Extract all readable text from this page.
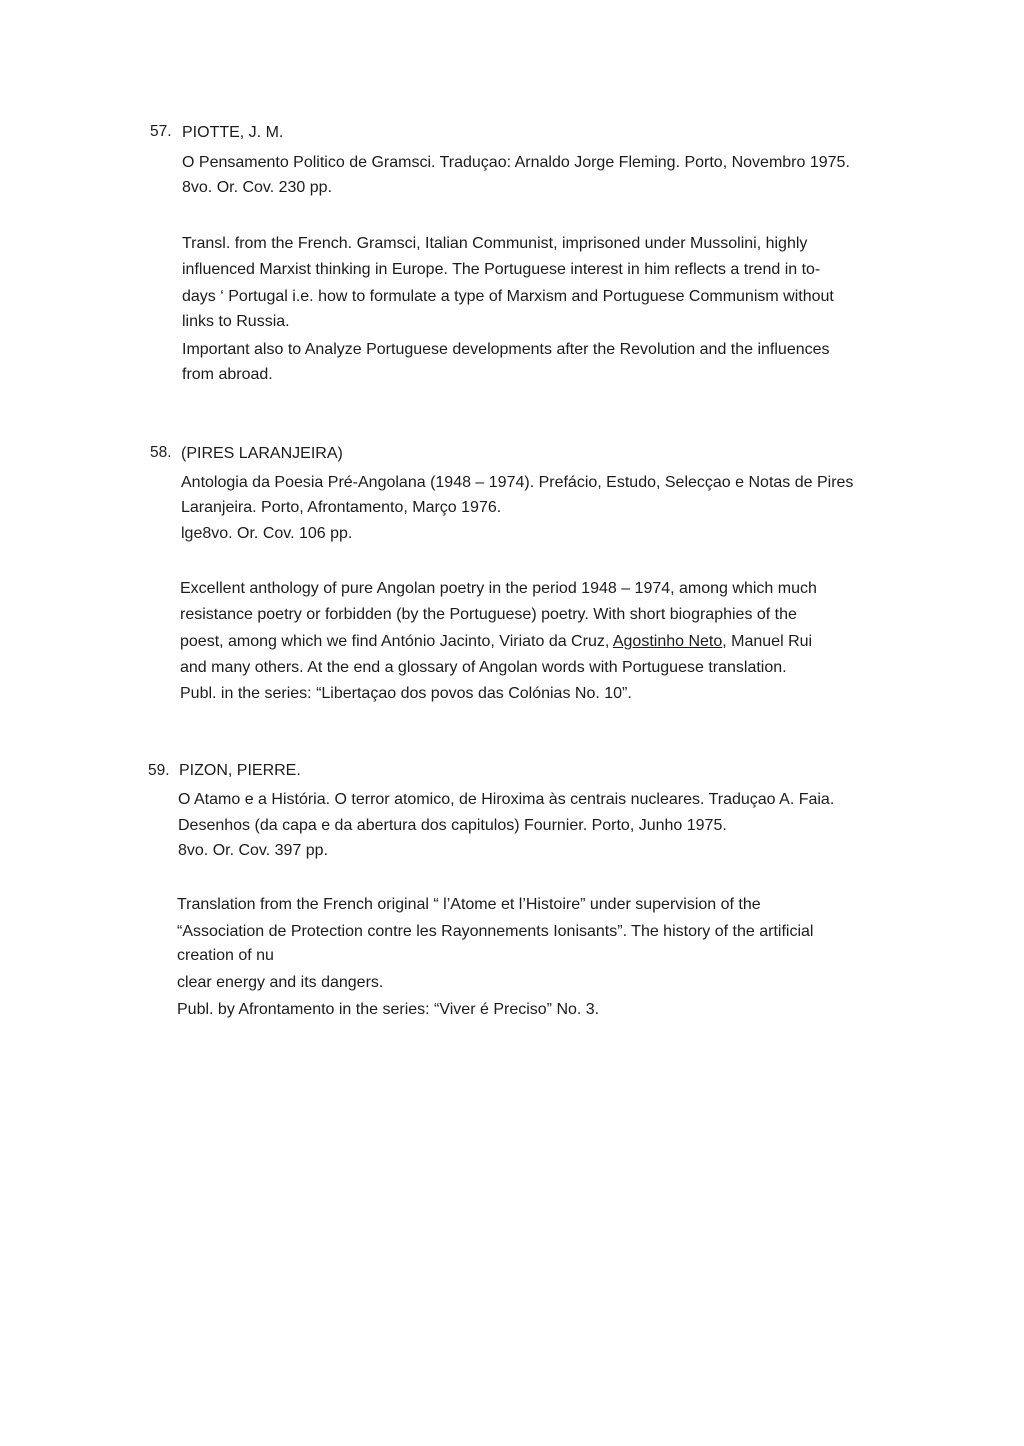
57. PIOTTE, J. M.
O Pensamento Politico de Gramsci. Traduçao: Arnaldo Jorge Fleming. Porto, Novembro 1975.
8vo. Or. Cov. 230 pp.
Transl. from the French. Gramsci, Italian Communist, imprisoned under Mussolini, highly
influenced Marxist thinking in Europe. The Portuguese interest in him reflects a trend in to-
days ‘ Portugal i.e. how to formulate a type of Marxism and Portuguese Communism without
links to Russia.
Important also to Analyze Portuguese developments after the Revolution and the influences
from abroad.
58. (PIRES LARANJEIRA)
Antologia da Poesia Pré-Angolana (1948 – 1974). Prefácio, Estudo, Selecçao e Notas de Pires
Laranjeira. Porto, Afrontamento, Março 1976.
lge8vo. Or. Cov. 106 pp.
Excellent anthology of pure Angolan poetry in the period 1948 – 1974, among which much
resistance poetry or forbidden (by the Portuguese) poetry. With short biographies of the
poest, among which we find António Jacinto, Viriato da Cruz, Agostinho Neto, Manuel Rui
and many others. At the end a glossary of Angolan words with Portuguese translation.
Publ. in the series: “Libertaçao dos povos das Colónias No. 10”.
59. PIZON, PIERRE.
O Atamo e a História. O terror atomico, de Hiroxima às centrais nucleares. Traduçao A. Faia.
Desenhos (da capa e da abertura dos capitulos) Fournier. Porto, Junho 1975.
8vo. Or. Cov. 397 pp.
Translation from the French original “ l’Atome et l’Histoire” under supervision of the
“Association de Protection contre les Rayonnements Ionisants”. The history of the artificial
creation of nu
clear energy and its dangers.
Publ. by Afrontamento in the series: “Viver é Preciso” No. 3.
